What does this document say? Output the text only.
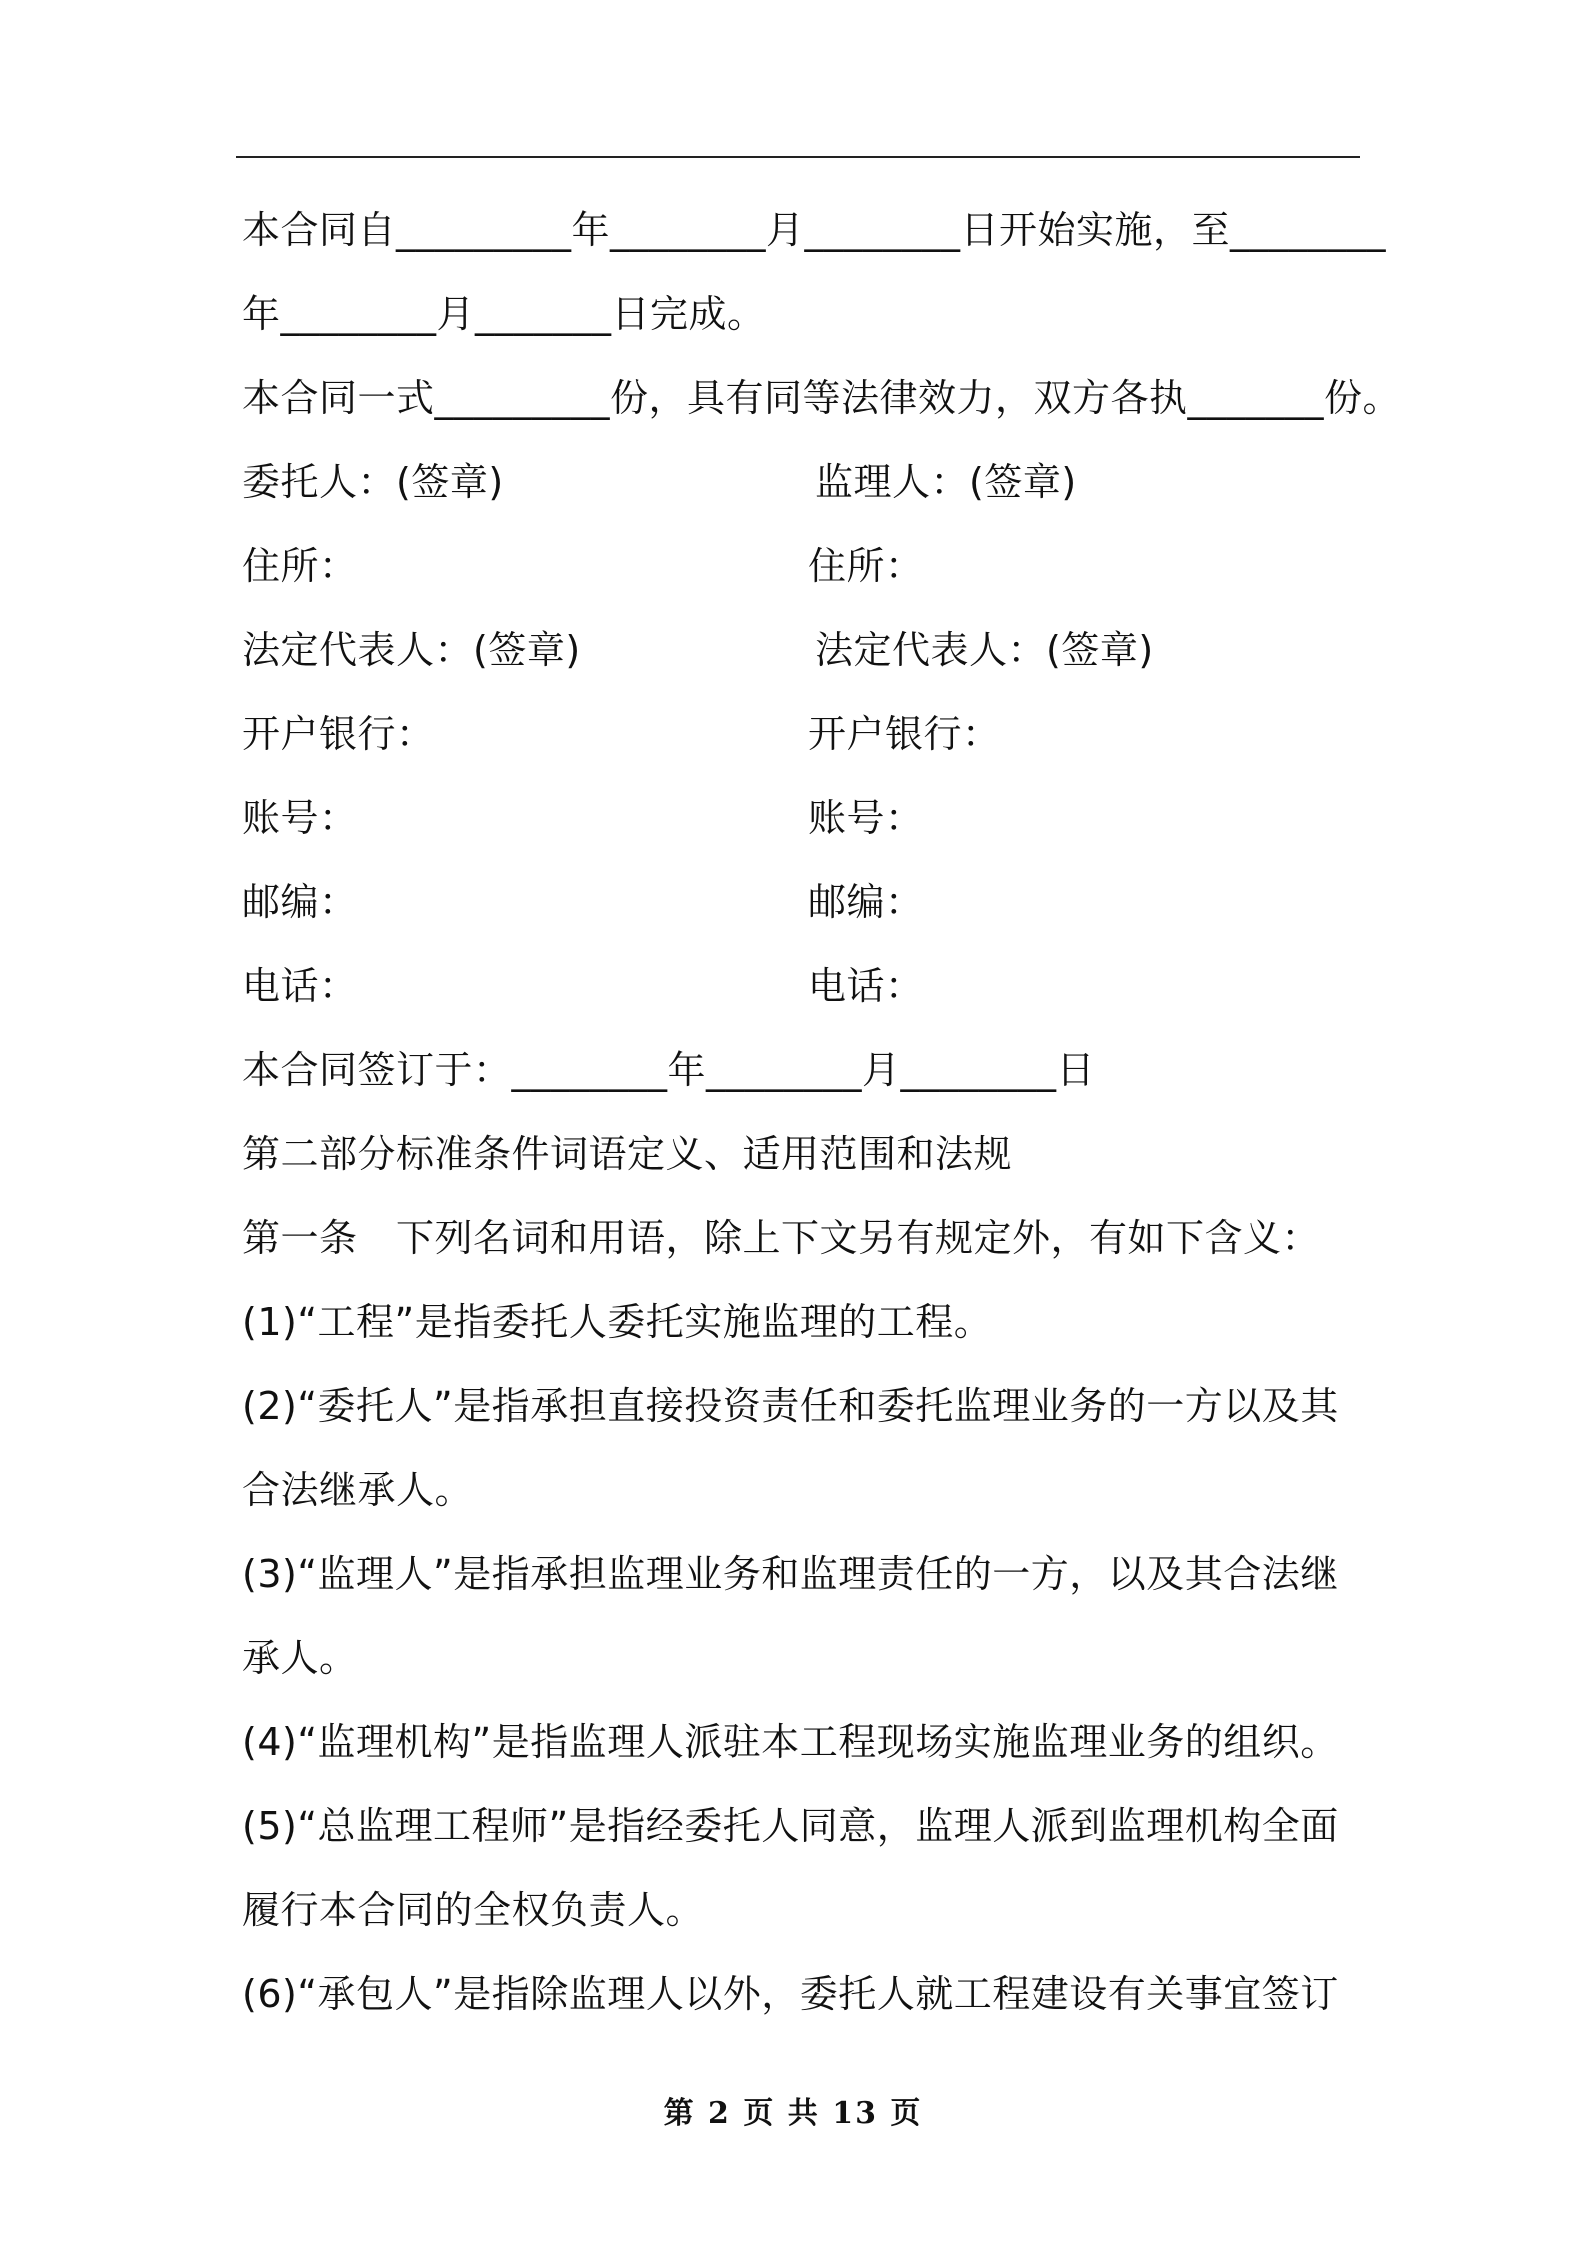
本合同自_________年________月________日开始实施，至________
年________月_______日完成。
本合同一式_________份，具有同等法律效力，双方各执_______份。
委托人：(签章)	监理人：(签章)
住所：	住所：
法定代表人：(签章)	法定代表人：(签章)
开户银行：	开户银行：
账号：	账号：
邮编：	邮编：
电话：	电话：
本合同签订于：________年________月________日
第二部分标准条件词语定义、适用范围和法规
第一条　下列名词和用语，除上下文另有规定外，有如下含义：
(1)“工程”是指委托人委托实施监理的工程。
(2)“委托人”是指承担直接投资责任和委托监理业务的一方以及其
合法继承人。
(3)“监理人”是指承担监理业务和监理责任的一方，以及其合法继
承人。
(4)“监理机构”是指监理人派驻本工程现场实施监理业务的组织。
(5)“总监理工程师”是指经委托人同意，监理人派到监理机构全面
履行本合同的全权负责人。
(6)“承包人”是指除监理人以外，委托人就工程建设有关事宜签订
第 2 页 共 13 页
